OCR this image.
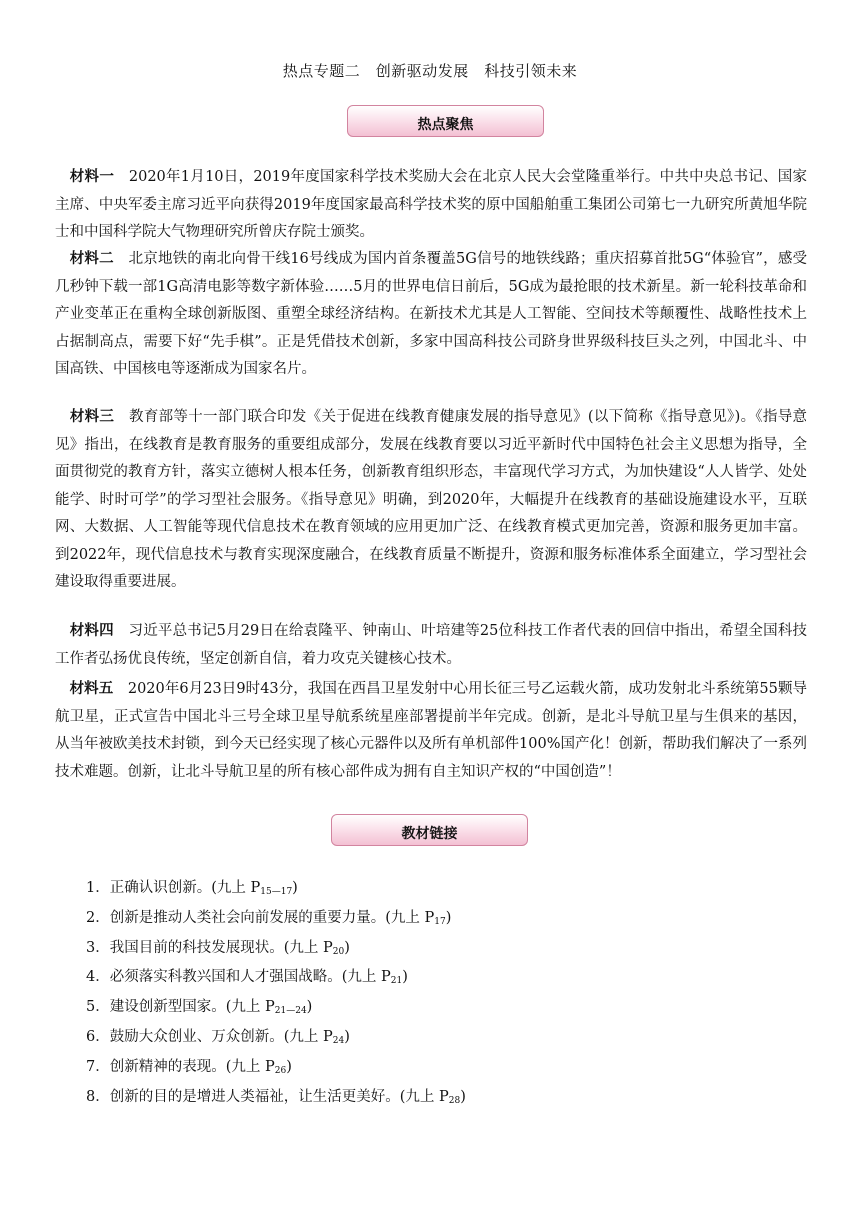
热点专题二　创新驱动发展　科技引领未来
热点聚焦

　材料一　 2020年1月10日，2019年度国家科学技术奖励大会在北京人民大会堂隆重举行。中共中央总书记、国家主席、中央军委主席习近平向获得2019年度国家最高科学技术奖的原中国船舶重工集团公司第七一九研究所黄旭华院士和中国科学院大气物理研究所曾庆存院士颁奖。

　材料二　 北京地铁的南北向骨干线16号线成为国内首条覆盖5G信号的地铁线路；重庆招募首批5G“体验官”，感受几秒钟下载一部1G高清电影等数字新体验……5月的世界电信日前后，5G成为最抢眼的技术新星。新一轮科技革命和产业变革正在重构全球创新版图、重塑全球经济结构。在新技术尤其是人工智能、空间技术等颠覆性、战略性技术上占据制高点，需要下好“先手棋”。正是凭借技术创新，多家中国高科技公司跻身世界级科技巨头之列，中国北斗、中国高铁、中国核电等逐渐成为国家名片。

　材料三　 教育部等十一部门联合印发《关于促进在线教育健康发展的指导意见》(以下简称《指导意见》)。《指导意见》指出，在线教育是教育服务的重要组成部分，发展在线教育要以习近平新时代中国特色社会主义思想为指导，全面贯彻党的教育方针，落实立德树人根本任务，创新教育组织形态，丰富现代学习方式，为加快建设“人人皆学、处处能学、时时可学”的学习型社会服务。《指导意见》明确，到2020年，大幅提升在线教育的基础设施建设水平，互联网、大数据、人工智能等现代信息技术在教育领域的应用更加广泛、在线教育模式更加完善，资源和服务更加丰富。到2022年，现代信息技术与教育实现深度融合，在线教育质量不断提升，资源和服务标准体系全面建立，学习型社会建设取得重要进展。

　材料四　 习近平总书记5月29日在给袁隆平、钟南山、叶培建等25位科技工作者代表的回信中指出，希望全国科技工作者弘扬优良传统，坚定创新自信，着力攻克关键核心技术。

　材料五　 2020年6月23日9时43分，我国在西昌卫星发射中心用长征三号乙运载火箭，成功发射北斗系统第55颗导航卫星，正式宣告中国北斗三号全球卫星导航系统星座部署提前半年完成。创新，是北斗导航卫星与生俱来的基因，从当年被欧美技术封锁，到今天已经实现了核心元器件以及所有单机部件100%国产化！创新，帮助我们解决了一系列技术难题。创新，让北斗导航卫星的所有核心部件成为拥有自主知识产权的“中国创造”！

教材链接
1．正确认识创新。(九上 $P_{15—17}$)
2．创新是推动人类社会向前发展的重要力量。(九上 $P_{17}$)
3．我国目前的科技发展现状。(九上 $P_{20}$)
4．必须落实科教兴国和人才强国战略。(九上 $P_{21}$)
5．建设创新型国家。(九上 $P_{21—24}$)
6．鼓励大众创业、万众创新。(九上 $P_{24}$)
7．创新精神的表现。(九上 $P_{26}$)
8．创新的目的是增进人类福祉，让生活更美好。(九上 $P_{28}$)
